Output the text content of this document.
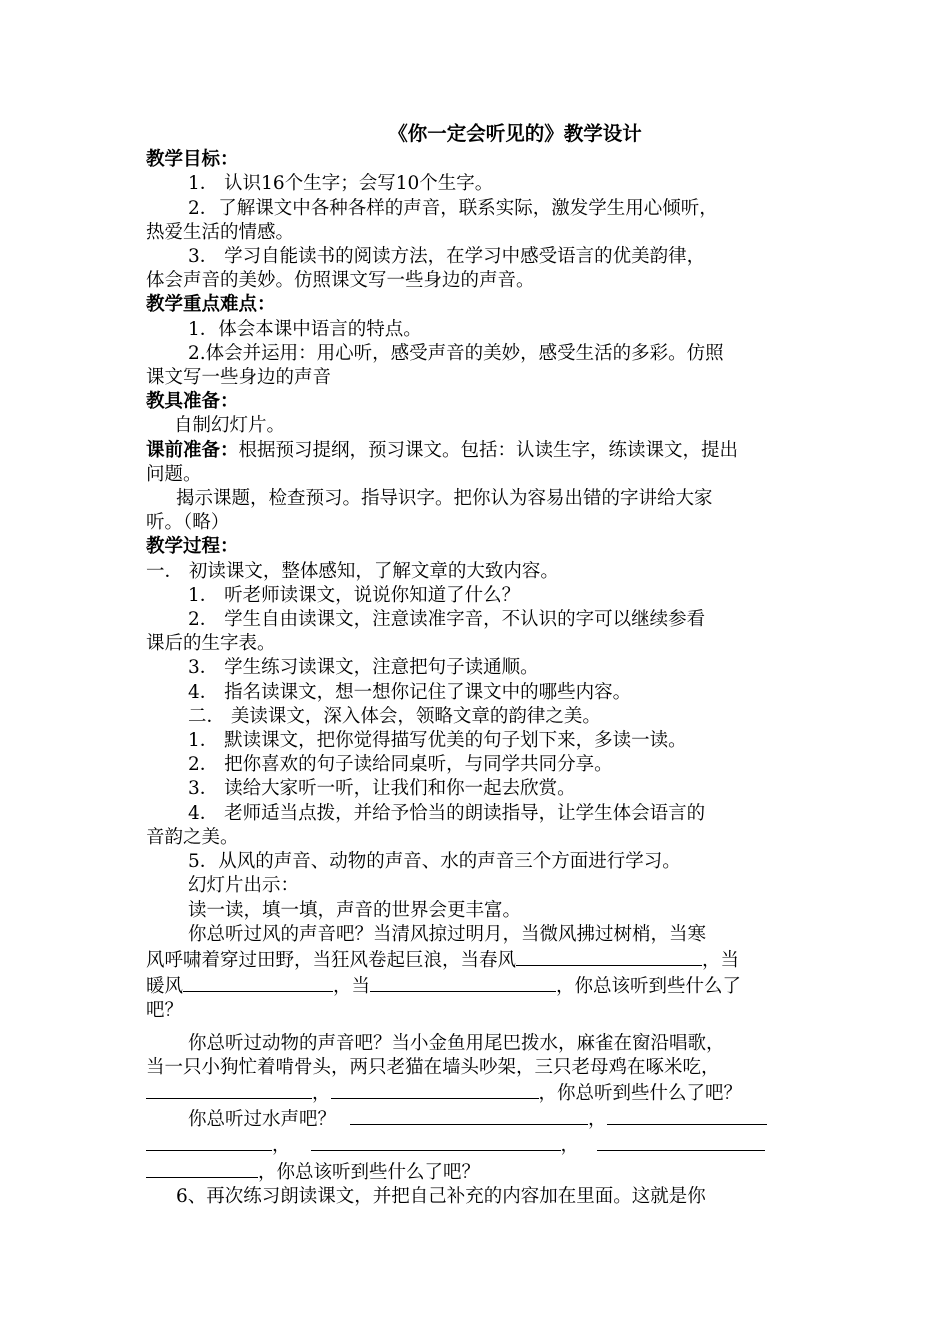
《你一定会听见的》教学设计
教学目标：
1． 认识16个生字；会写10个生字。
2．了解课文中各种各样的声音，联系实际，激发学生用心倾听，
热爱生活的情感。
3． 学习自能读书的阅读方法，在学习中感受语言的优美韵律，
体会声音的美妙。仿照课文写一些身边的声音。
教学重点难点：
1．体会本课中语言的特点。
2.体会并运用：用心听，感受声音的美妙，感受生活的多彩。仿照
课文写一些身边的声音
教具准备：
自制幻灯片。
课前准备：根据预习提纲，预习课文。包括：认读生字，练读课文，提出
问题。
揭示课题，检查预习。指导识字。把你认为容易出错的字讲给大家
听。（略）
教学过程：
一． 初读课文，整体感知，了解文章的大致内容。
1． 听老师读课文，说说你知道了什么？
2． 学生自由读课文，注意读准字音，不认识的字可以继续参看
课后的生字表。
3． 学生练习读课文，注意把句子读通顺。
4． 指名读课文，想一想你记住了课文中的哪些内容。
二． 美读课文，深入体会，领略文章的韵律之美。
1． 默读课文，把你觉得描写优美的句子划下来，多读一读。
2． 把你喜欢的句子读给同桌听，与同学共同分享。
3． 读给大家听一听，让我们和你一起去欣赏。
4． 老师适当点拨，并给予恰当的朗读指导，让学生体会语言的
音韵之美。
5．从风的声音、动物的声音、水的声音三个方面进行学习。
幻灯片出示：
读一读，填一填，声音的世界会更丰富。
你总听过风的声音吧？当清风掠过明月，当微风拂过树梢，当寒
风呼啸着穿过田野，当狂风卷起巨浪，当春风	，当
暖风	，当	，你总该听到些什么了
吧？
你总听过动物的声音吧？当小金鱼用尾巴拨水，麻雀在窗沿唱歌，
当一只小狗忙着啃骨头，两只老猫在墙头吵架，三只老母鸡在啄米吃，
，	，你总听到些什么了吧？
你总听过水声吧？	，
，	，
，你总该听到些什么了吧？
6、再次练习朗读课文，并把自己补充的内容加在里面。这就是你
